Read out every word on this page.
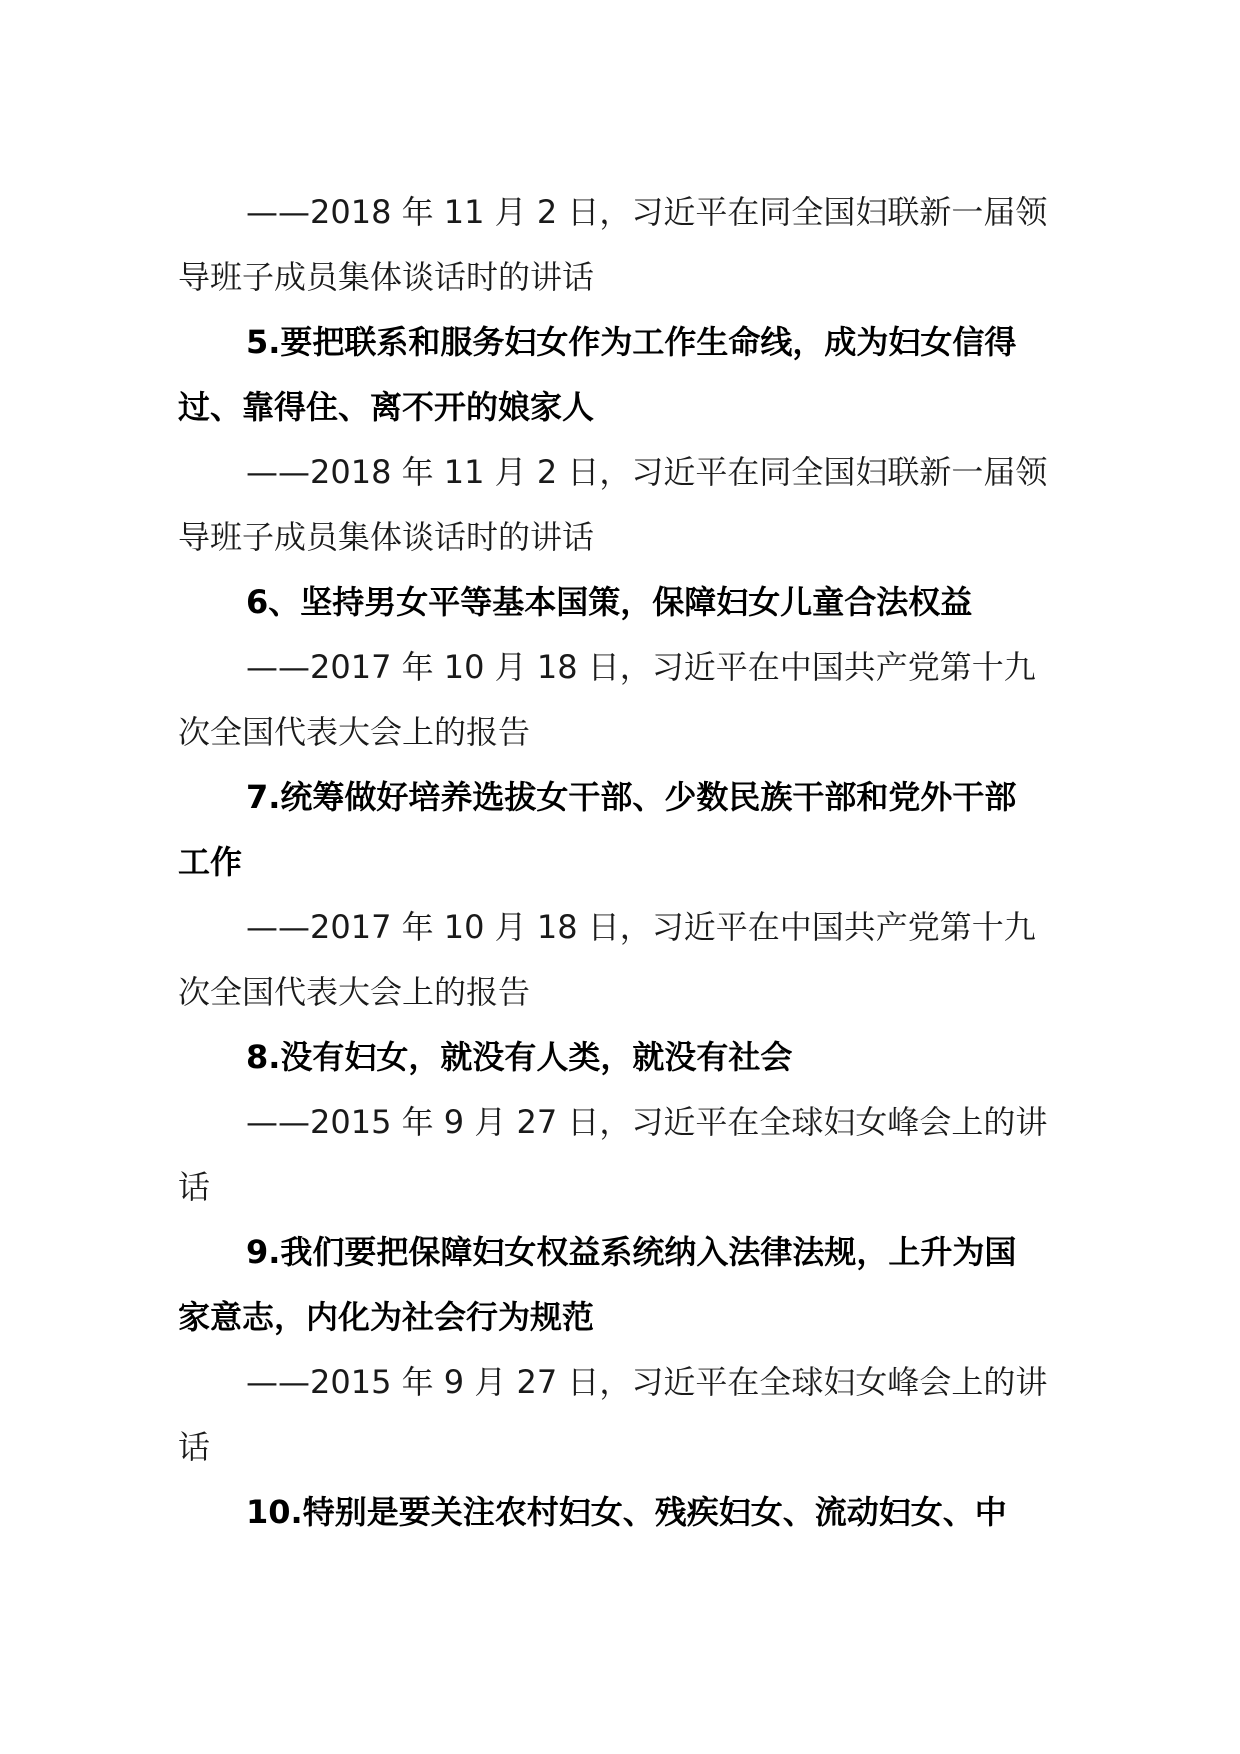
——2018 年 11 月 2 日，习近平在同全国妇联新一届领
导班子成员集体谈话时的讲话
5.要把联系和服务妇女作为工作生命线，成为妇女信得
过、靠得住、离不开的娘家人
——2018 年 11 月 2 日，习近平在同全国妇联新一届领
导班子成员集体谈话时的讲话
6、坚持男女平等基本国策，保障妇女儿童合法权益
——2017 年 10 月 18 日，习近平在中国共产党第十九
次全国代表大会上的报告
7.统筹做好培养选拔女干部、少数民族干部和党外干部
工作
——2017 年 10 月 18 日，习近平在中国共产党第十九
次全国代表大会上的报告
8.没有妇女，就没有人类，就没有社会
——2015 年 9 月 27 日，习近平在全球妇女峰会上的讲
话
9.我们要把保障妇女权益系统纳入法律法规，上升为国
家意志，内化为社会行为规范
——2015 年 9 月 27 日，习近平在全球妇女峰会上的讲
话
10.特别是要关注农村妇女、残疾妇女、流动妇女、中
